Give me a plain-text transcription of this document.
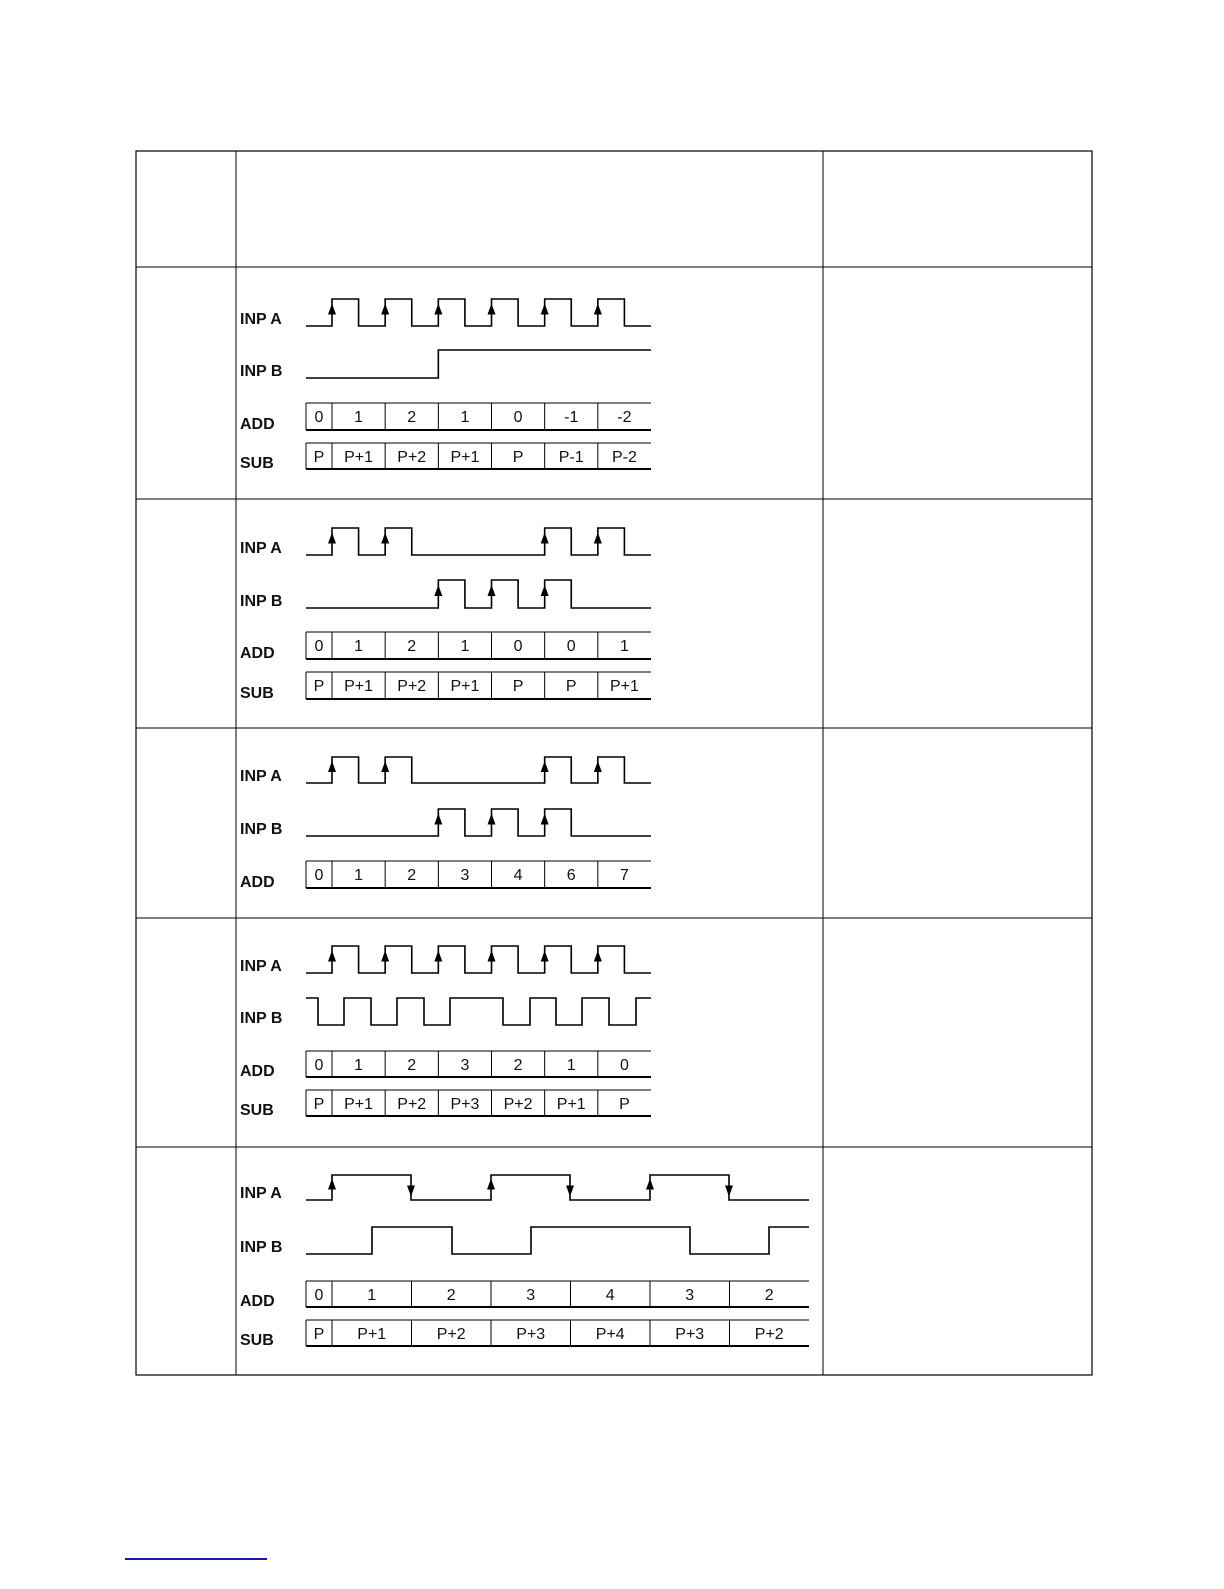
INP A
INP B
ADD 0 1	2	1	0	-1 -2
SUB P P+1 P+2 P+1 P P-1 P-2
INP A
INP B
ADD 0 1	2	1	0	0	1
SUB P P+1 P+2 P+1 P	P P+1
INP A
INP B
ADD 0 1	2	3	4	6	7
INP A
INP B
ADD 0 1	2	3	2	1	0
SUB P P+1 P+2 P+3 P+2 P+1 P
INP A
INP B
ADD 0	1	2	3	4	3	2
SUB P P+1	P+2	P+3	P+4	P+3	P+2
